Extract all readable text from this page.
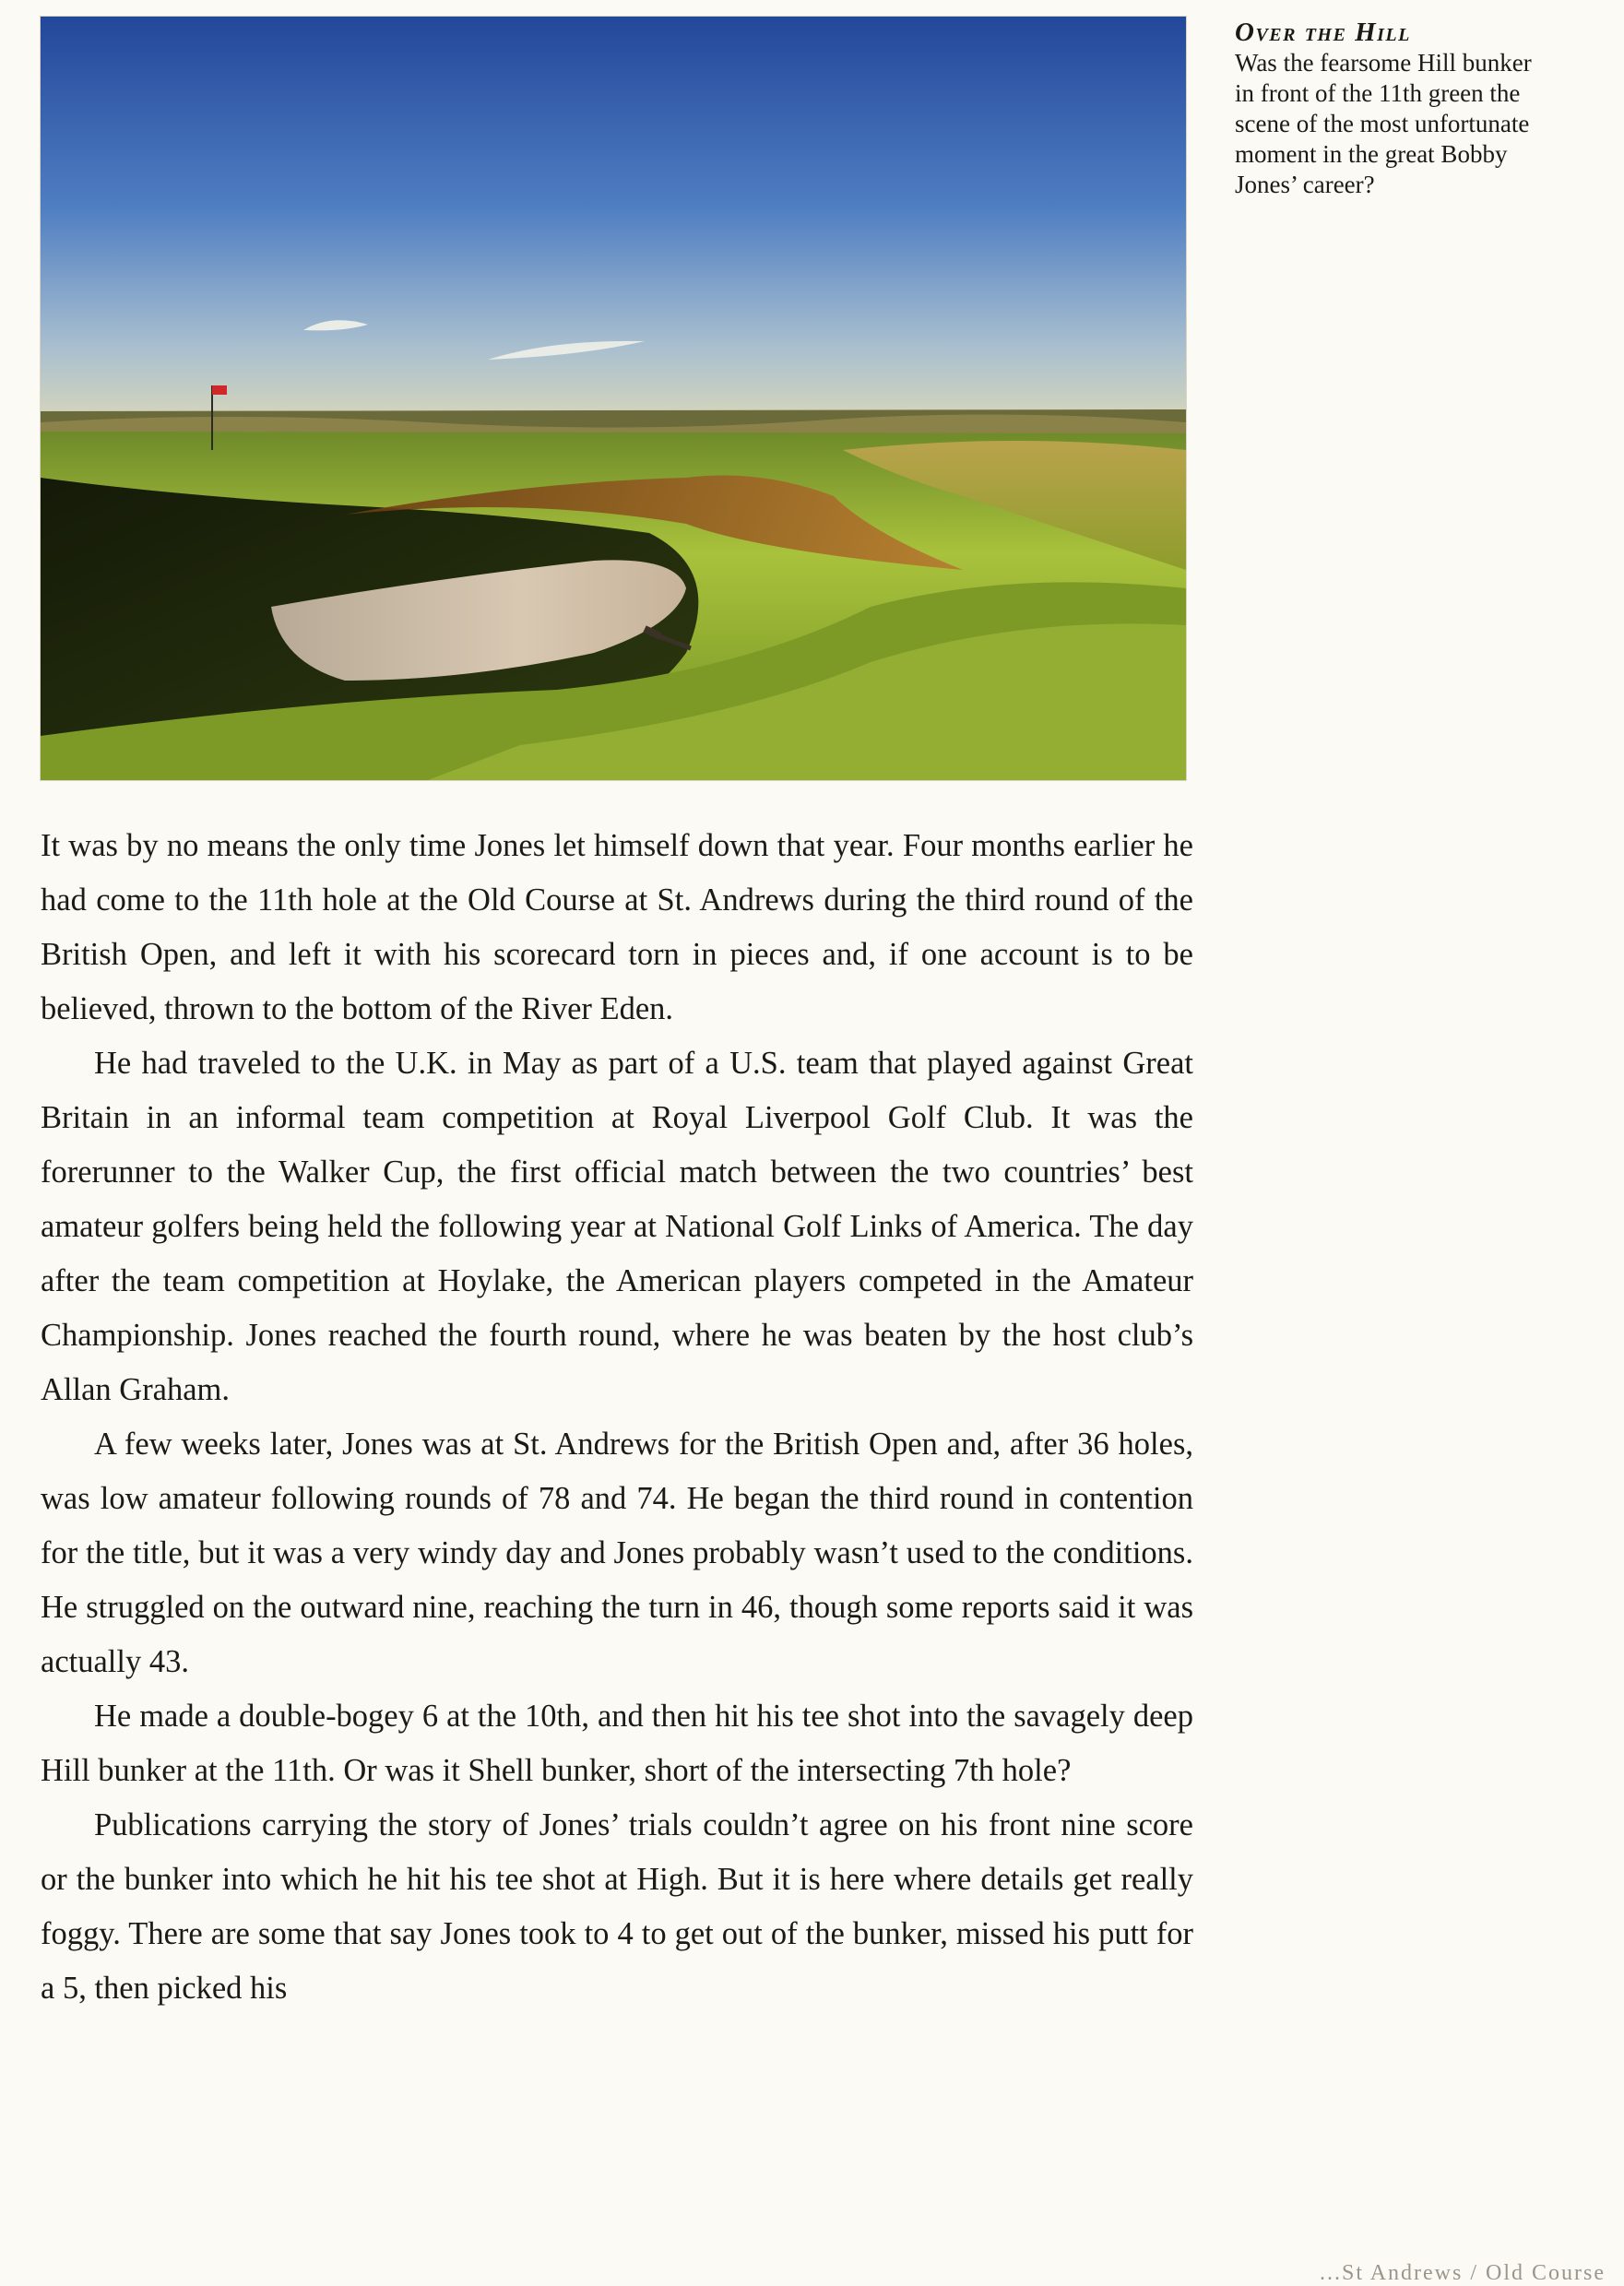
Over the Hill
Was the fearsome Hill bunker in front of the 11th green the scene of the most unfortunate moment in the great Bobby Jones’ career?

It was by no means the only time Jones let himself down that year. Four months earlier he had come to the 11th hole at the Old Course at St. Andrews during the third round of the British Open, and left it with his scorecard torn in pieces and, if one account is to be believed, thrown to the bottom of the River Eden.

He had traveled to the U.K. in May as part of a U.S. team that played against Great Britain in an informal team competition at Royal Liverpool Golf Club. It was the forerunner to the Walker Cup, the first official match between the two countries’ best amateur golfers being held the following year at National Golf Links of America. The day after the team competition at Hoylake, the American players competed in the Amateur Championship. Jones reached the fourth round, where he was beaten by the host club’s Allan Graham.

A few weeks later, Jones was at St. Andrews for the British Open and, after 36 holes, was low amateur following rounds of 78 and 74. He began the third round in contention for the title, but it was a very windy day and Jones probably wasn’t used to the conditions. He struggled on the outward nine, reaching the turn in 46, though some reports said it was actually 43.

He made a double-bogey 6 at the 10th, and then hit his tee shot into the savagely deep Hill bunker at the 11th. Or was it Shell bunker, short of the intersecting 7th hole?

Publications carrying the story of Jones’ trials couldn’t agree on his front nine score or the bunker into which he hit his tee shot at High. But it is here where details get really foggy. There are some that say Jones took to 4 to get out of the bunker, missed his putt for a 5, then picked his

...St Andrews / Old Course
